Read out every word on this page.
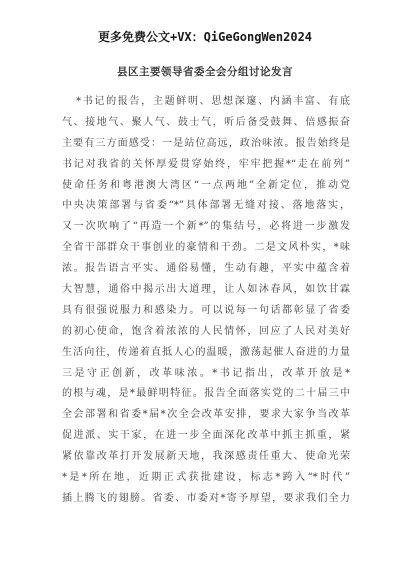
更多免费公文+VX：QiGeGongWen2024
县区主要领导省委全会分组讨论发言
*书记的报告，主题鲜明、思想深邃、内涵丰富、有底
气、接地气、聚人气、鼓士气，听后备受鼓舞、倍感振奋
主要有三方面感受：一是站位高远，政治味浓。报告始终是
书记对我省的关怀厚爱贯穿始终，牢牢把握*“走在前列”
使命任务和粤港澳大湾区“一点两地”全新定位，推动党
中央决策部署与省委“*”具体部署无缝对接、落地落实，
又一次吹响了“再造一个新*”的集结号，必将进一步激发
全省干部群众干事创业的豪情和干劲。二是文风朴实，*味
浓。报告语言平实、通俗易懂，生动有趣，平实中蕴含着
大智慧，通俗中揭示出大道理，让人如沐春风，如饮甘霖
具有很强说服力和感染力。可以说每一句话都彰显了省委
的初心使命，饱含着浓浓的人民情怀，回应了人民对美好
生活向往，传递着直抵人心的温暖，激荡起催人奋进的力量
三是守正创新，改革味浓。*书记指出，改革开放是*
的根与魂，是*最鲜明特征。报告全面落实党的二十届三中
全会部署和省委*届*次全会改革安排，要求大家争当改革
促进派、实干家，在进一步全面深化改革中抓主抓重，紧
紧依靠改革打开发展新天地，我深感责任重大、使命光荣
*是*所在地，近期正式获批建设，标志*跨入“*时代”
插上腾飞的翅膀。省委、市委对*寄予厚望，要求我们全力
